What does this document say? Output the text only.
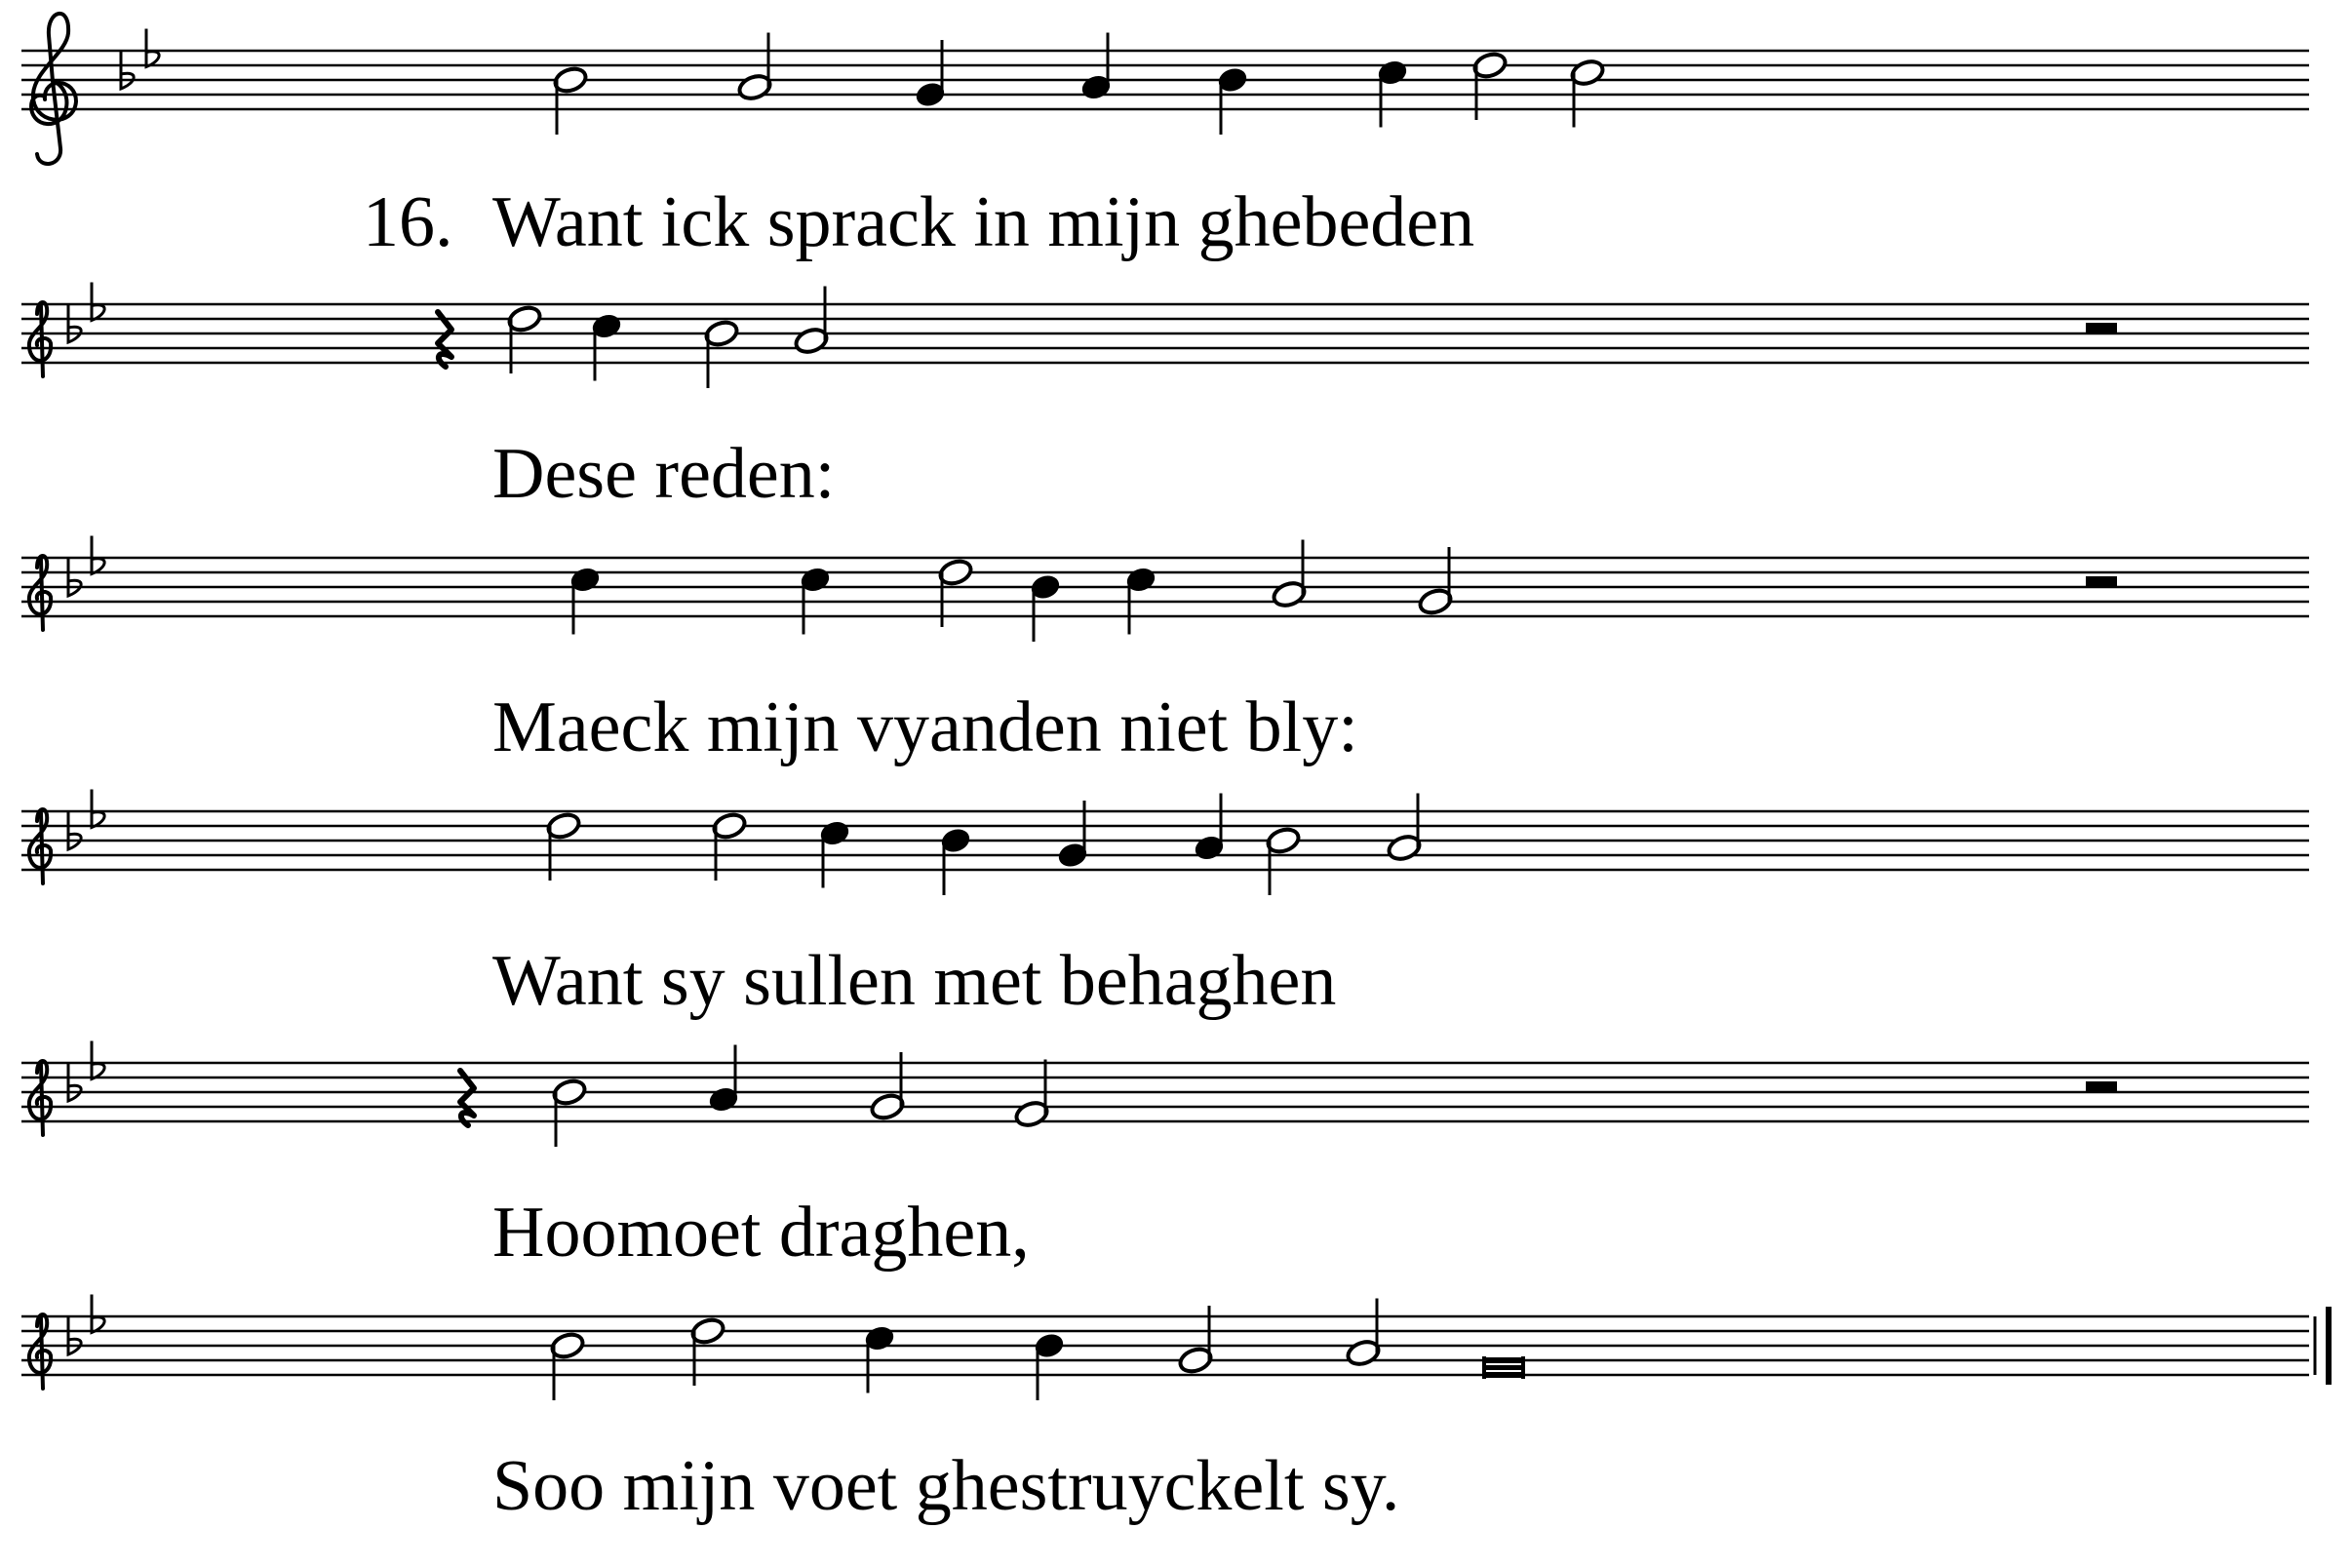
16. Want ick sprack in mijn ghebeden
Dese reden:
Maeck mijn vyanden niet bly:
Want sy sullen met behaghen
Hoomoet draghen,
Soo mijn voet ghestruyckelt sy.
